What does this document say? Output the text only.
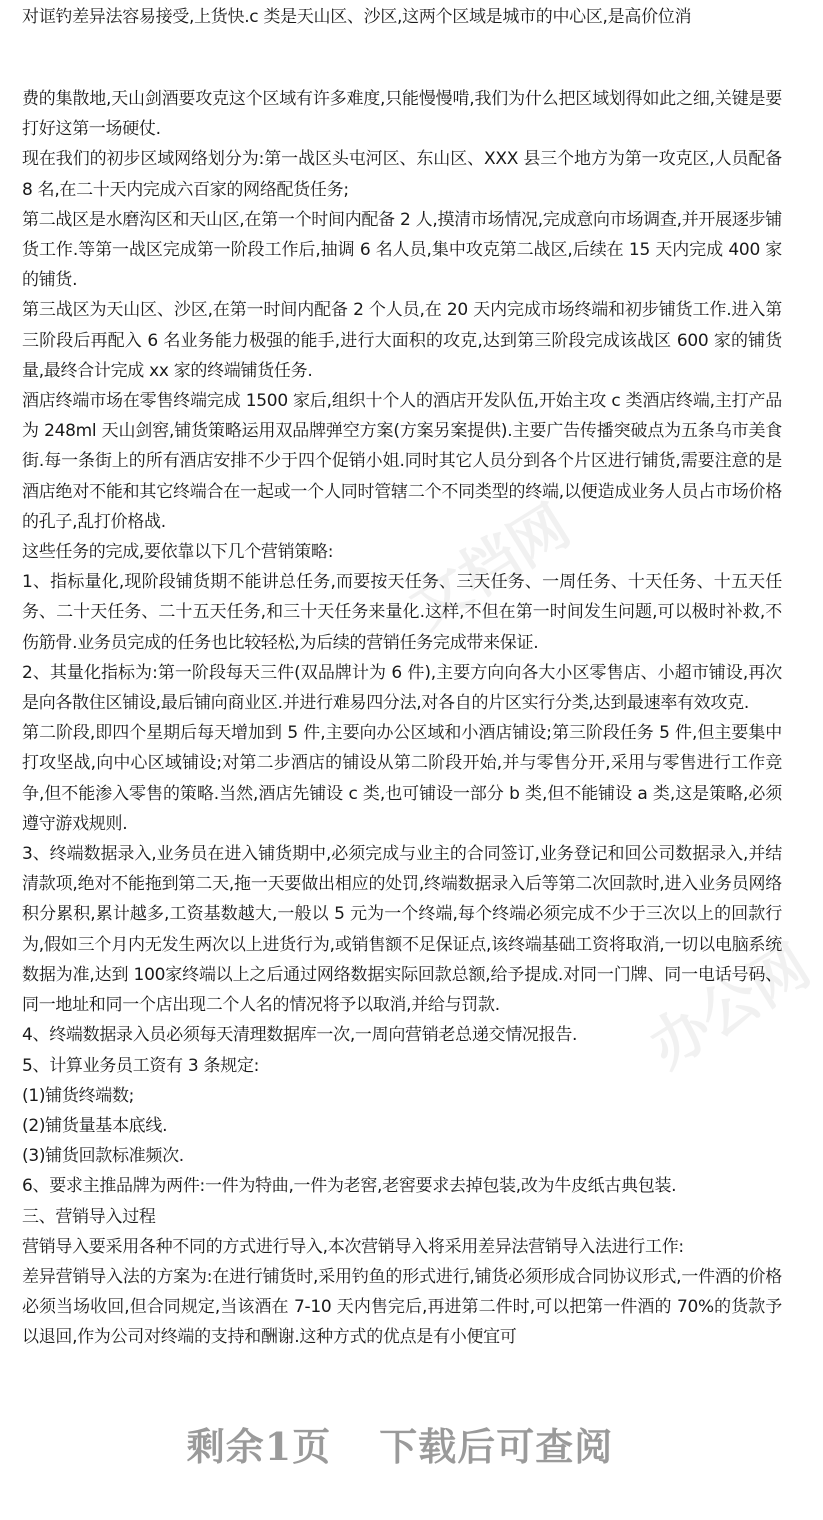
文档网
办公网

对诓钓差异法容易接受,上货快.c 类是天山区、沙区,这两个区域是城市的中心区,是高价位消

费的集散地,天山剑酒要攻克这个区域有许多难度,只能慢慢啃,我们为什么把区域划得如此之细,关键是要打好这第一场硬仗.

现在我们的初步区域网络划分为:第一战区头屯河区、东山区、XXX 县三个地方为第一攻克区,人员配备 8 名,在二十天内完成六百家的网络配货任务;

第二战区是水磨沟区和天山区,在第一个时间内配备 2 人,摸清市场情况,完成意向市场调查,并开展逐步铺货工作.等第一战区完成第一阶段工作后,抽调 6 名人员,集中攻克第二战区,后续在 15 天内完成 400 家的铺货.

第三战区为天山区、沙区,在第一时间内配备 2 个人员,在 20 天内完成市场终端和初步铺货工作.进入第三阶段后再配入 6 名业务能力极强的能手,进行大面积的攻克,达到第三阶段完成该战区 600 家的铺货量,最终合计完成 xx 家的终端铺货任务.

酒店终端市场在零售终端完成 1500 家后,组织十个人的酒店开发队伍,开始主攻 c 类酒店终端,主打产品为 248ml 天山剑窖,铺货策略运用双品牌弹空方案(方案另案提供).主要广告传播突破点为五条乌市美食街.每一条街上的所有酒店安排不少于四个促销小姐.同时其它人员分到各个片区进行铺货,需要注意的是酒店绝对不能和其它终端合在一起或一个人同时管辖二个不同类型的终端,以便造成业务人员占市场价格的孔子,乱打价格战.

这些任务的完成,要依靠以下几个营销策略:

1、指标量化,现阶段铺货期不能讲总任务,而要按天任务、三天任务、一周任务、十天任务、十五天任务、二十天任务、二十五天任务,和三十天任务来量化.这样,不但在第一时间发生问题,可以极时补救,不伤筋骨.业务员完成的任务也比较轻松,为后续的营销任务完成带来保证.

2、其量化指标为:第一阶段每天三件(双品牌计为 6 件),主要方向向各大小区零售店、小超市铺设,再次是向各散住区铺设,最后铺向商业区.并进行难易四分法,对各自的片区实行分类,达到最速率有效攻克.

第二阶段,即四个星期后每天增加到 5 件,主要向办公区域和小酒店铺设;第三阶段任务 5 件,但主要集中打攻坚战,向中心区域铺设;对第二步酒店的铺设从第二阶段开始,并与零售分开,采用与零售进行工作竞争,但不能渗入零售的策略.当然,酒店先铺设 c 类,也可铺设一部分 b 类,但不能铺设 a 类,这是策略,必须遵守游戏规则.

3、终端数据录入,业务员在进入铺货期中,必须完成与业主的合同签订,业务登记和回公司数据录入,并结清款项,绝对不能拖到第二天,拖一天要做出相应的处罚,终端数据录入后等第二次回款时,进入业务员网络积分累积,累计越多,工资基数越大,一般以 5 元为一个终端,每个终端必须完成不少于三次以上的回款行为,假如三个月内无发生两次以上进货行为,或销售额不足保证点,该终端基础工资将取消,一切以电脑系统数据为准,达到 100家终端以上之后通过网络数据实际回款总额,给予提成.对同一门牌、同一电话号码、同一地址和同一个店出现二个人名的情况将予以取消,并给与罚款.

4、终端数据录入员必须每天清理数据库一次,一周向营销老总递交情况报告.

5、计算业务员工资有 3 条规定:

(1)铺货终端数;

(2)铺货量基本底线.

(3)铺货回款标准频次.

6、要求主推品牌为两件:一件为特曲,一件为老窖,老窖要求去掉包装,改为牛皮纸古典包装.

三、营销导入过程

营销导入要采用各种不同的方式进行导入,本次营销导入将采用差异法营销导入法进行工作:

差异营销导入法的方案为:在进行铺货时,采用钓鱼的形式进行,铺货必须形成合同协议形式,一件酒的价格必须当场收回,但合同规定,当该酒在 7-10 天内售完后,再进第二件时,可以把第一件酒的 70%的货款予以退回,作为公司对终端的支持和酬谢.这种方式的优点是有小便宜可

剩余1页 下载后可查阅
